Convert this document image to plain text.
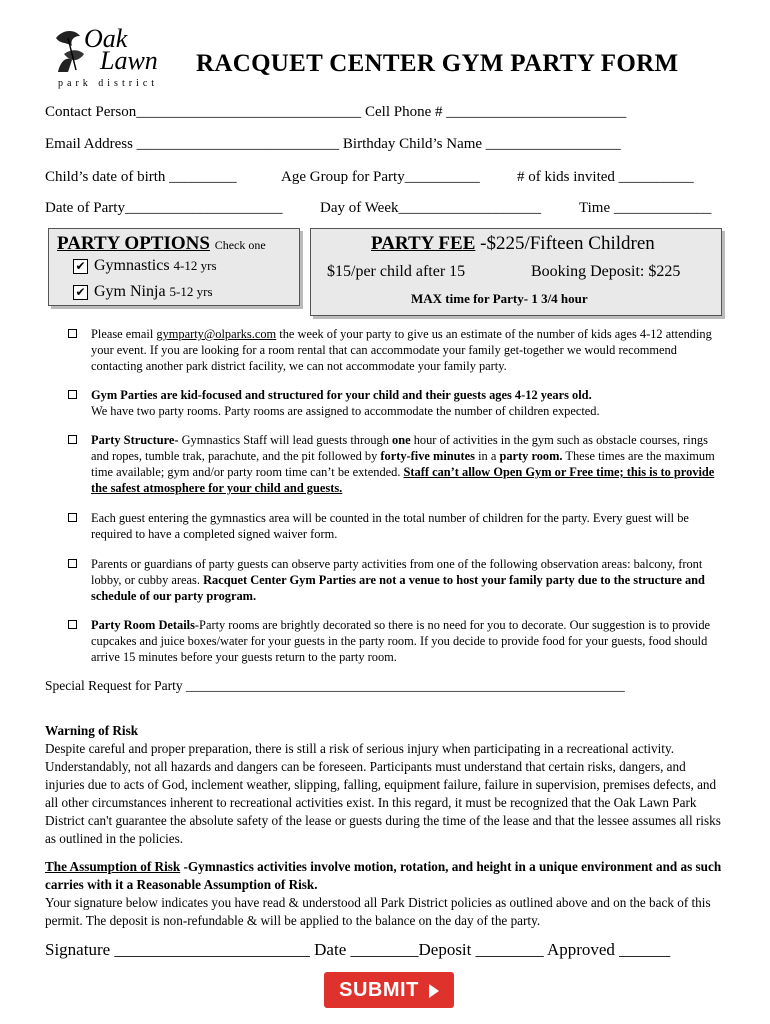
Oak
Lawn
park district
RACQUET CENTER GYM PARTY FORM
Contact Person______________________________ Cell Phone # ________________________
Email Address ___________________________ Birthday Child’s Name __________________
Child’s date of birth _________	Age Group for Party__________ # of kids invited __________
Date of Party_____________________	Day of Week___________________	Time _____________
PARTY OPTIONS Check one
✔ Gymnastics 4-12 yrs
✔ Gym Ninja 5-12 yrs
PARTY FEE -$225/Fifteen Children
$15/per child after 15	Booking Deposit: $225
MAX time for Party- 1 3/4 hour
Please email gymparty@olparks.com the week of your party to give us an estimate of the number of kids ages 4-12 attending your event. If you are looking for a room rental that can accommodate your family get-together we would recommend contacting another park district facility, we can not accommodate your family party.
Gym Parties are kid-focused and structured for your child and their guests ages 4-12 years old.
We have two party rooms. Party rooms are assigned to accommodate the number of children expected.
Party Structure- Gymnastics Staff will lead guests through one hour of activities in the gym such as obstacle courses, rings and ropes, tumble trak, parachute, and the pit followed by forty-five minutes in a party room. These times are the maximum time available; gym and/or party room time can’t be extended. Staff can’t allow Open Gym or Free time; this is to provide the safest atmosphere for your child and guests.
Each guest entering the gymnastics area will be counted in the total number of children for the party. Every guest will be required to have a completed signed waiver form.
Parents or guardians of party guests can observe party activities from one of the following observation areas: balcony, front lobby, or cubby areas. Racquet Center Gym Parties are not a venue to host your family party due to the structure and schedule of our party program.
Party Room Details-Party rooms are brightly decorated so there is no need for you to decorate. Our suggestion is to provide cupcakes and juice boxes/water for your guests in the party room. If you decide to provide food for your guests, food should arrive 15 minutes before your guests return to the party room.
Special Request for Party _________________________________________________________________
Warning of Risk
Despite careful and proper preparation, there is still a risk of serious injury when participating in a recreational activity. Understandably, not all hazards and dangers can be foreseen. Participants must understand that certain risks, dangers, and injuries due to acts of God, inclement weather, slipping, falling, equipment failure, failure in supervision, premises defects, and all other circumstances inherent to recreational activities exist. In this regard, it must be recognized that the Oak Lawn Park District can't guarantee the absolute safety of the lease or guests during the time of the lease and that the lessee assumes all risks as outlined in the policies.
The Assumption of Risk -Gymnastics activities involve motion, rotation, and height in a unique environment and as such carries with it a Reasonable Assumption of Risk.
Your signature below indicates you have read & understood all Park District policies as outlined above and on the back of this permit. The deposit is non-refundable & will be applied to the balance on the day of the party.
Signature _______________________ Date ________Deposit ________ Approved ______
SUBMIT
